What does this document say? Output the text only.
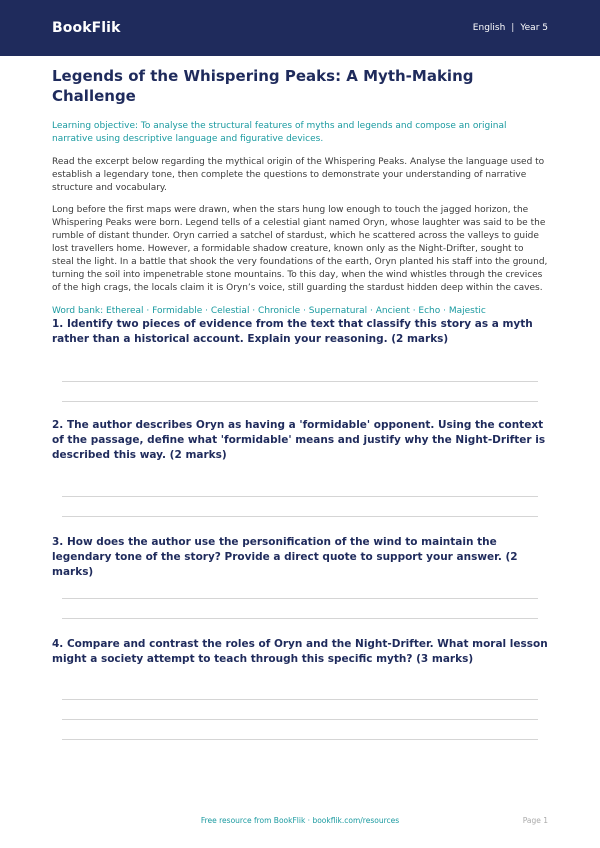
BookFlik	English | Year 5
Legends of the Whispering Peaks: A Myth-Making Challenge

Learning objective: To analyse the structural features of myths and legends and compose an original narrative using descriptive language and figurative devices.

Read the excerpt below regarding the mythical origin of the Whispering Peaks. Analyse the language used to establish a legendary tone, then complete the questions to demonstrate your understanding of narrative structure and vocabulary.

Long before the first maps were drawn, when the stars hung low enough to touch the jagged horizon, the Whispering Peaks were born. Legend tells of a celestial giant named Oryn, whose laughter was said to be the rumble of distant thunder. Oryn carried a satchel of stardust, which he scattered across the valleys to guide lost travellers home. However, a formidable shadow creature, known only as the Night-Drifter, sought to steal the light. In a battle that shook the very foundations of the earth, Oryn planted his staff into the ground, turning the soil into impenetrable stone mountains. To this day, when the wind whistles through the crevices of the high crags, the locals claim it is Oryn’s voice, still guarding the stardust hidden deep within the caves.

Word bank: Ethereal · Formidable · Celestial · Chronicle · Supernatural · Ancient · Echo · Majestic

1. Identify two pieces of evidence from the text that classify this story as a myth rather than a historical account. Explain your reasoning. (2 marks)

2. The author describes Oryn as having a 'formidable' opponent. Using the context of the passage, define what 'formidable' means and justify why the Night-Drifter is described this way. (2 marks)

3. How does the author use the personification of the wind to maintain the legendary tone of the story? Provide a direct quote to support your answer. (2 marks)

4. Compare and contrast the roles of Oryn and the Night-Drifter. What moral lesson might a society attempt to teach through this specific myth? (3 marks)

Free resource from BookFlik · bookflik.com/resources	Page 1
